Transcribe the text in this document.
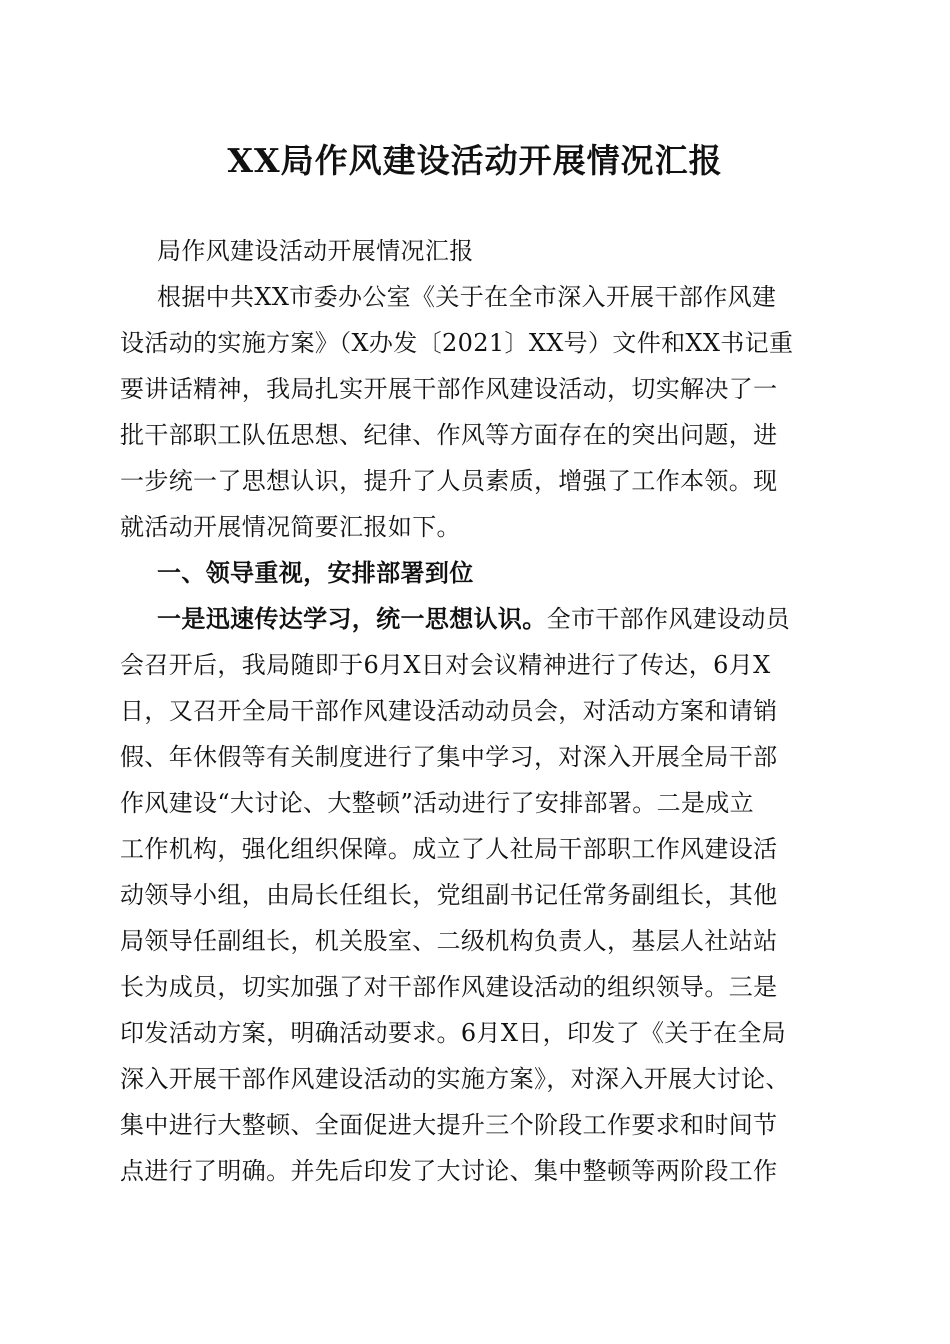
XX局作风建设活动开展情况汇报
局作风建设活动开展情况汇报
根据中共XX市委办公室《关于在全市深入开展干部作风建
设活动的实施方案》（X办发〔2021〕XX号）文件和XX书记重
要讲话精神，我局扎实开展干部作风建设活动，切实解决了一
批干部职工队伍思想、纪律、作风等方面存在的突出问题，进
一步统一了思想认识，提升了人员素质，增强了工作本领。现
就活动开展情况简要汇报如下。
一、领导重视，安排部署到位
一是迅速传达学习，统一思想认识。全市干部作风建设动员
会召开后，我局随即于6月X日对会议精神进行了传达，6月X
日，又召开全局干部作风建设活动动员会，对活动方案和请销
假、年休假等有关制度进行了集中学习，对深入开展全局干部
作风建设“大讨论、大整顿”活动进行了安排部署。二是成立
工作机构，强化组织保障。成立了人社局干部职工作风建设活
动领导小组，由局长任组长，党组副书记任常务副组长，其他
局领导任副组长，机关股室、二级机构负责人，基层人社站站
长为成员，切实加强了对干部作风建设活动的组织领导。三是
印发活动方案，明确活动要求。6月X日，印发了《关于在全局
深入开展干部作风建设活动的实施方案》，对深入开展大讨论、
集中进行大整顿、全面促进大提升三个阶段工作要求和时间节
点进行了明确。并先后印发了大讨论、集中整顿等两阶段工作
